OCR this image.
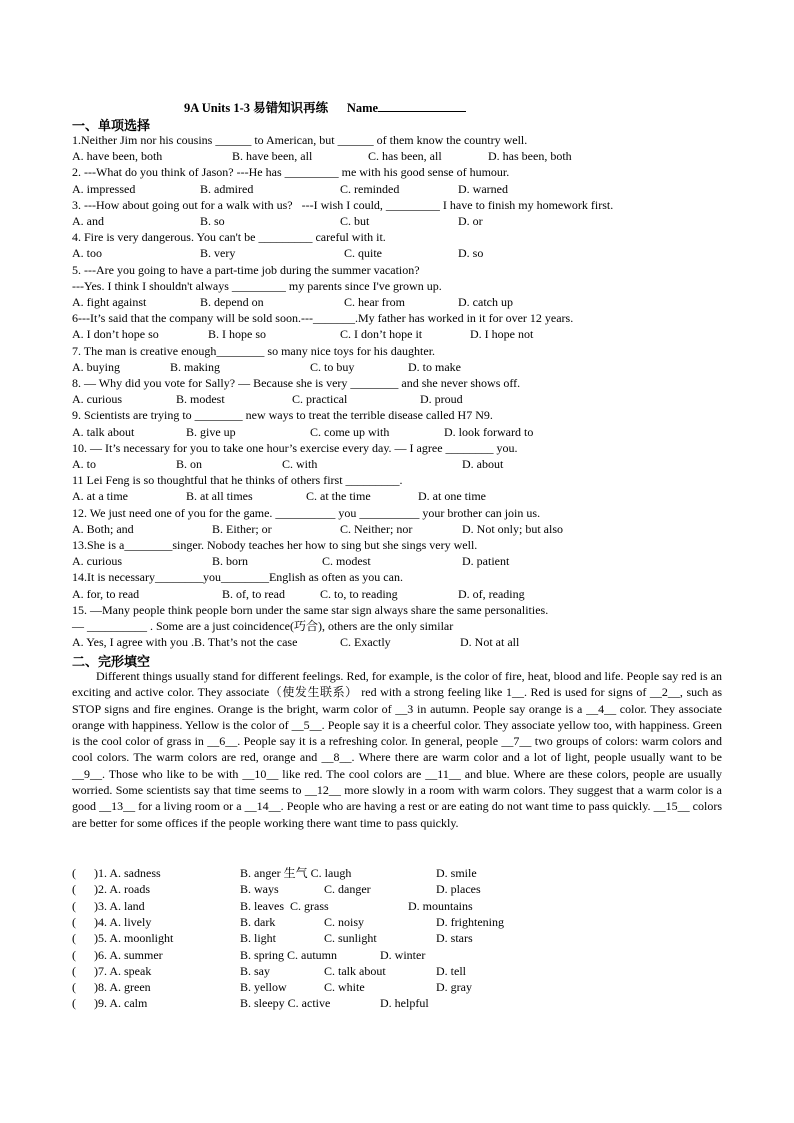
9A Units 1-3 易错知识再练      Name
一、单项选择
1.Neither Jim nor his cousins ______ to American, but ______ of them know the country well.
A. have been, both	B. have been, all	C. has been, all	D. has been, both
2. ---What do you think of Jason? ---He has _________ me with his good sense of humour.
A. impressed	B. admired	C. reminded	D. warned
3. ---How about going out for a walk with us?   ---I wish I could, _________ I have to finish my homework first.
A. and	B. so	C. but	D. or
4. Fire is very dangerous. You can't be _________ careful with it.
A. too	B. very	C. quite	D. so
5. ---Are you going to have a part-time job during the summer vacation?
---Yes. I think I shouldn't always _________ my parents since I've grown up.
A. fight against	B. depend on	C. hear from	D. catch up
6---It’s said that the company will be sold soon.---_______.My father has worked in it for over 12 years.
A. I don’t hope so	B. I hope so	C. I don’t hope it	D. I hope not
7. The man is creative enough________ so many nice toys for his daughter.
A. buying	B. making	C. to buy	D. to make
8. — Why did you vote for Sally? — Because she is very ________ and she never shows off.
A. curious	B. modest	C. practical	D. proud
9. Scientists are trying to ________ new ways to treat the terrible disease called H7 N9.
A. talk about	B. give up	C. come up with	D. look forward to
10. — It’s necessary for you to take one hour’s exercise every day. — I agree ________ you.
A. to	B. on	C. with	D. about
11 Lei Feng is so thoughtful that he thinks of others first _________.
A. at a time	B. at all times	C. at the time	D. at one time
12. We just need one of you for the game. __________ you __________ your brother can join us.
A. Both; and	B. Either; or	C. Neither; nor	D. Not only; but also
13.She is a________singer. Nobody teaches her how to sing but she sings very well.
A. curious	B. born	C. modest	D. patient
14.It is necessary________you________English as often as you can.
A. for, to read	B. of, to read	C. to, to reading	D. of, reading
15. —Many people think people born under the same star sign always share the same personalities.
— __________ . Some are a just coincidence(巧合), others are the only similar
A. Yes, I agree with you .B. That’s not the case	C. Exactly	D. Not at all
二、完形填空

Different things usually stand for different feelings. Red, for example, is the color of fire, heat, blood and life. People say red is an exciting and active color. They associate（使发生联系） red with a strong feeling like 1__. Red is used for signs of __2__, such as STOP signs and fire engines. Orange is the bright, warm color of __3 in autumn. People say orange is a __4__ color. They associate orange with happiness. Yellow is the color of __5__. People say it is a cheerful color. They associate yellow too, with happiness. Green is the cool color of grass in __6__. People say it is a refreshing color. In general, people __7__ two groups of colors: warm colors and cool colors. The warm colors are red, orange and __8__. Where there are warm color and a lot of light, people usually want to be __9__. Those who like to be with __10__ like red. The cool colors are __11__ and blue. Where are these colors, people are usually worried. Some scientists say that time seems to __12__ more slowly in a room with warm colors. They suggest that a warm color is a good __13__ for a living room or a __14__. People who are having a rest or are eating do not want time to pass quickly. __15__ colors are better for some offices if the people working there want time to pass quickly.

(      )1. A. sadness	B. anger 生气 C. laugh	D. smile
(      )2. A. roads	B. ways	C. danger	D. places
(      )3. A. land	B. leaves  C. grass	D. mountains
(      )4. A. lively	B. dark	C. noisy	D. frightening
(      )5. A. moonlight	B. light	C. sunlight	D. stars
(      )6. A. summer	B. spring C. autumn	D. winter
(      )7. A. speak	B. say	C. talk about	D. tell
(      )8. A. green	B. yellow	C. white	D. gray
(      )9. A. calm	B. sleepy C. active	D. helpful
